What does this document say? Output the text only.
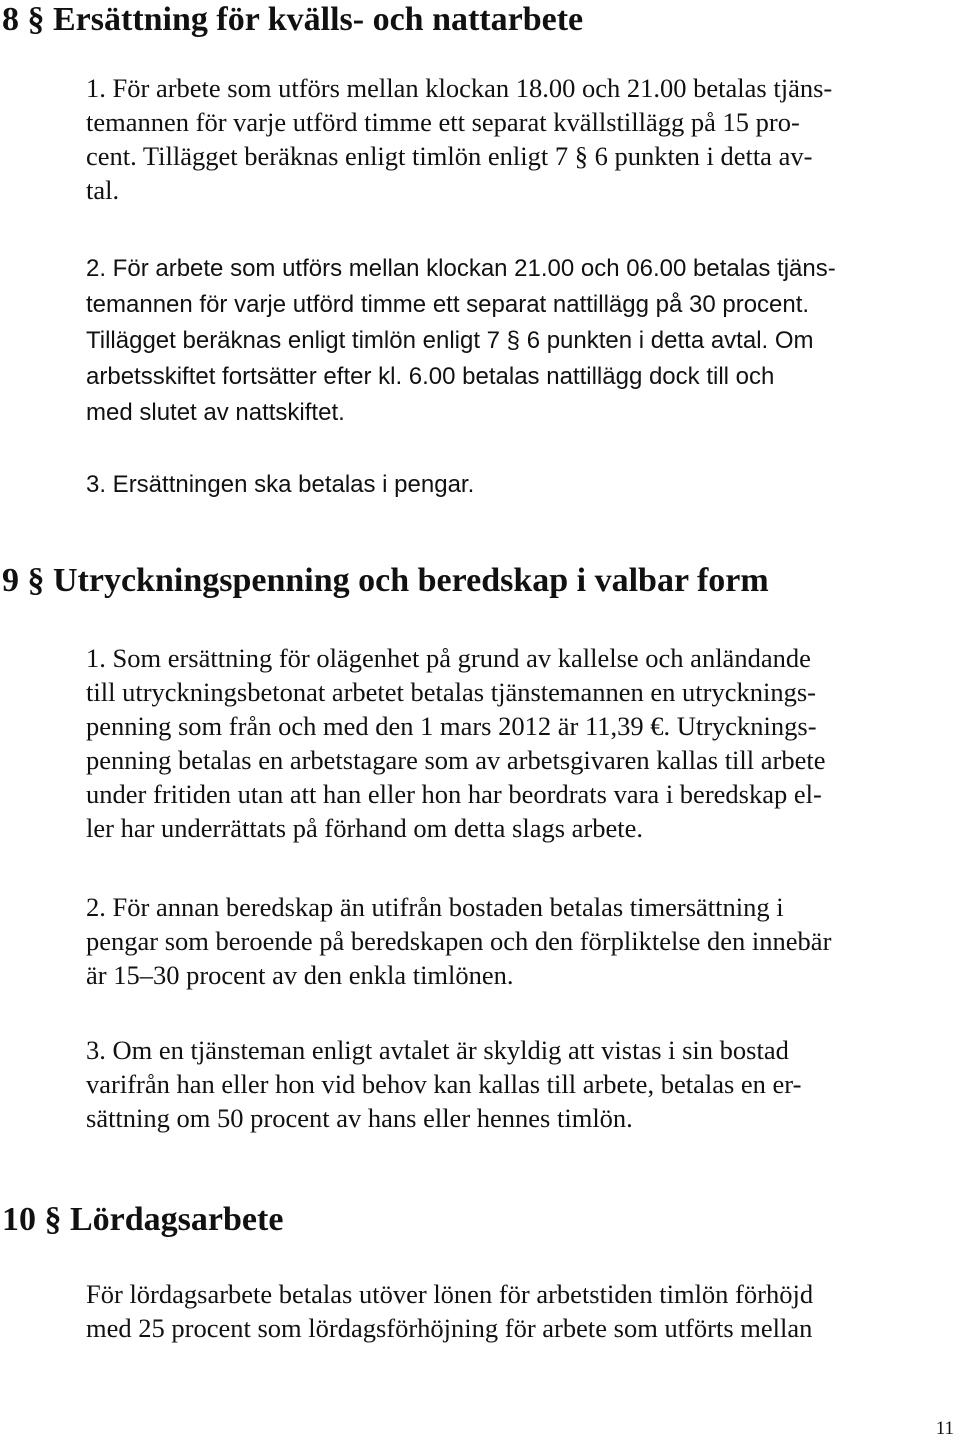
8 § Ersättning för kvälls- och nattarbete

1. För arbete som utförs mellan klockan 18.00 och 21.00 betalas tjäns-
temannen för varje utförd timme ett separat kvällstillägg på 15 pro-
cent. Tillägget beräknas enligt timlön enligt 7 § 6 punkten i detta av-
tal.

2. För arbete som utförs mellan klockan 21.00 och 06.00 betalas tjäns-
temannen för varje utförd timme ett separat nattillägg på 30 procent.
Tillägget beräknas enligt timlön enligt 7 § 6 punkten i detta avtal. Om
arbetsskiftet fortsätter efter kl. 6.00 betalas nattillägg dock till och
med slutet av nattskiftet.

3. Ersättningen ska betalas i pengar.

9 § Utryckningspenning och beredskap i valbar form

1. Som ersättning för olägenhet på grund av kallelse och anländande
till utryckningsbetonat arbetet betalas tjänstemannen en utrycknings-
penning som från och med den 1 mars 2012 är 11,39 €. Utrycknings-
penning betalas en arbetstagare som av arbetsgivaren kallas till arbete
under fritiden utan att han eller hon har beordrats vara i beredskap el-
ler har underrättats på förhand om detta slags arbete.

2. För annan beredskap än utifrån bostaden betalas timersättning i
pengar som beroende på beredskapen och den förpliktelse den innebär
är 15–30 procent av den enkla timlönen.

3. Om en tjänsteman enligt avtalet är skyldig att vistas i sin bostad
varifrån han eller hon vid behov kan kallas till arbete, betalas en er-
sättning om 50 procent av hans eller hennes timlön.

10 § Lördagsarbete

För lördagsarbete betalas utöver lönen för arbetstiden timlön förhöjd
med 25 procent som lördagsförhöjning för arbete som utförts mellan

11
